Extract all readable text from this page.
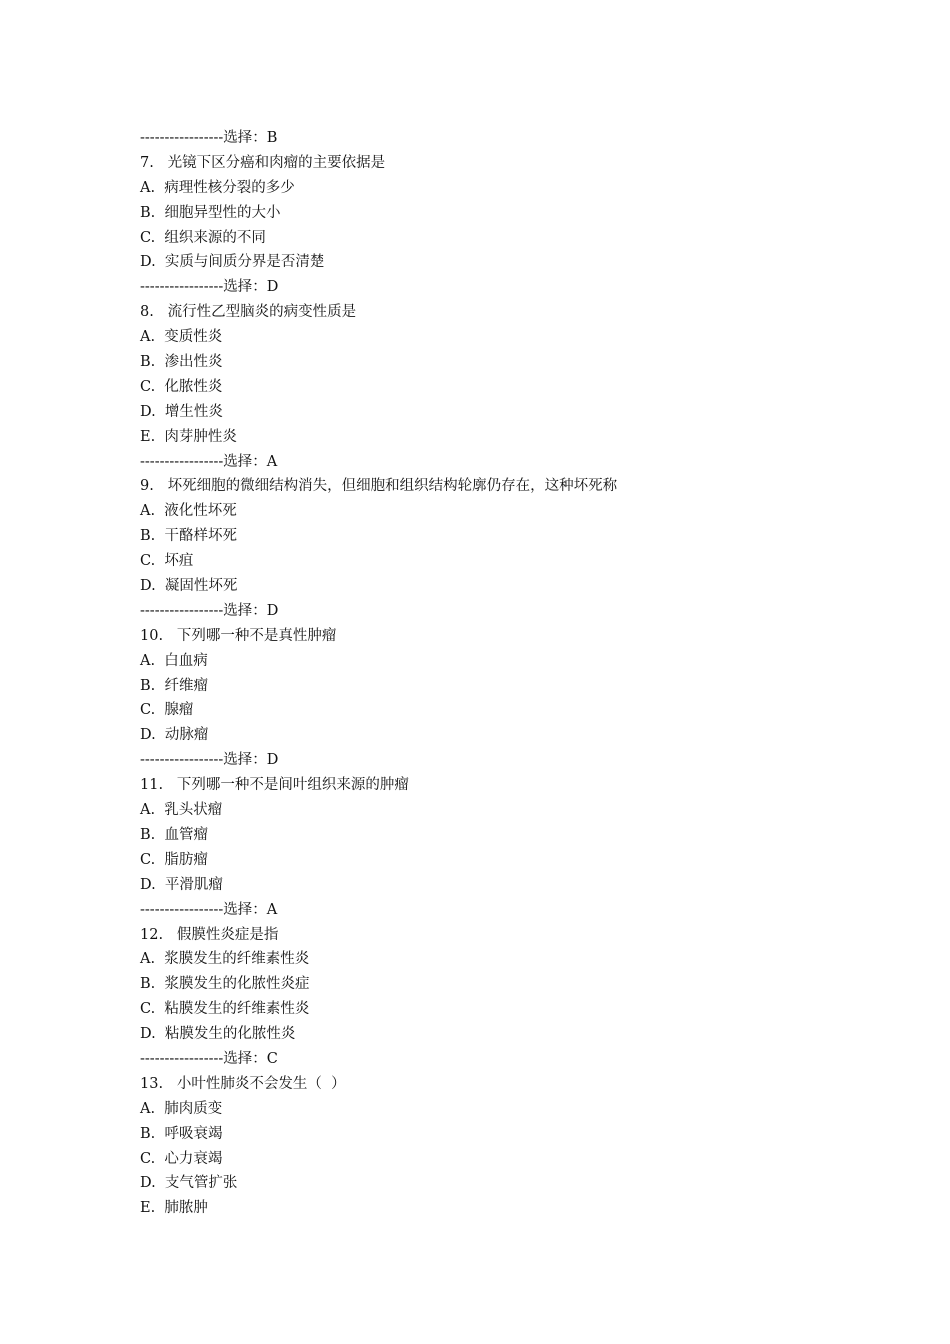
-----------------选择：B
7.   光镜下区分癌和肉瘤的主要依据是
A.  病理性核分裂的多少
B.  细胞异型性的大小
C.  组织来源的不同
D.  实质与间质分界是否清楚
-----------------选择：D
8.   流行性乙型脑炎的病变性质是
A.  变质性炎
B.  渗出性炎
C.  化脓性炎
D.  增生性炎
E.  肉芽肿性炎
-----------------选择：A
9.   坏死细胞的微细结构消失，但细胞和组织结构轮廓仍存在，这种坏死称
A.  液化性坏死
B.  干酪样坏死
C.  坏疽
D.  凝固性坏死
-----------------选择：D
10.   下列哪一种不是真性肿瘤
A.  白血病
B.  纤维瘤
C.  腺瘤
D.  动脉瘤
-----------------选择：D
11.   下列哪一种不是间叶组织来源的肿瘤
A.  乳头状瘤
B.  血管瘤
C.  脂肪瘤
D.  平滑肌瘤
-----------------选择：A
12.   假膜性炎症是指
A.  浆膜发生的纤维素性炎
B.  浆膜发生的化脓性炎症
C.  粘膜发生的纤维素性炎
D.  粘膜发生的化脓性炎
-----------------选择：C
13.   小叶性肺炎不会发生（  ）
A.  肺肉质变
B.  呼吸衰竭
C.  心力衰竭
D.  支气管扩张
E.  肺脓肿
